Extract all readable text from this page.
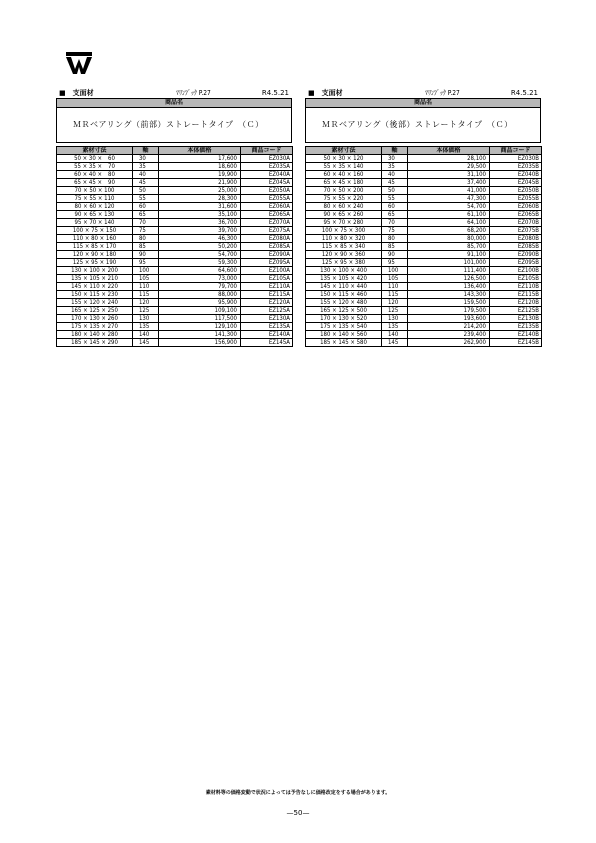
■　支面材	ﾏﾘﾝﾌﾞｯｸ P.27	R4.5.21
商品名
ＭＲベアリング（前部）ストレートタイプ　（Ｃ）
素材寸法	軸	本体価格	商品コード
50 × 30 ×　60	30	17,600	EZ030A
55 × 35 ×　70	35	18,600	EZ035A
60 × 40 ×　80	40	19,900	EZ040A
65 × 45 ×　90	45	21,900	EZ045A
70 × 50 × 100	50	25,000	EZ050A
75 × 55 × 110	55	28,300	EZ055A
80 × 60 × 120	60	31,600	EZ060A
90 × 65 × 130	65	35,100	EZ065A
95 × 70 × 140	70	36,700	EZ070A
100 × 75 × 150	75	39,700	EZ075A
110 × 80 × 160	80	46,300	EZ080A
115 × 85 × 170	85	50,200	EZ085A
120 × 90 × 180	90	54,700	EZ090A
125 × 95 × 190	95	59,300	EZ095A
130 × 100 × 200	100	64,600	EZ100A
135 × 105 × 210	105	73,000	EZ105A
145 × 110 × 220	110	79,700	EZ110A
150 × 115 × 230	115	88,000	EZ115A
155 × 120 × 240	120	95,900	EZ120A
165 × 125 × 250	125	109,100	EZ125A
170 × 130 × 260	130	117,500	EZ130A
175 × 135 × 270	135	129,100	EZ135A
180 × 140 × 280	140	141,300	EZ140A
185 × 145 × 290	145	156,900	EZ145A
■　支面材	ﾏﾘﾝﾌﾞｯｸ P.27	R4.5.21
商品名
ＭＲベアリング（後部）ストレートタイプ　（Ｃ）
素材寸法	軸	本体価格	商品コード
50 × 30 × 120	30	28,100	EZ030B
55 × 35 × 140	35	29,500	EZ035B
60 × 40 × 160	40	31,100	EZ040B
65 × 45 × 180	45	37,400	EZ045B
70 × 50 × 200	50	41,000	EZ050B
75 × 55 × 220	55	47,300	EZ055B
80 × 60 × 240	60	54,700	EZ060B
90 × 65 × 260	65	61,100	EZ065B
95 × 70 × 280	70	64,100	EZ070B
100 × 75 × 300	75	68,200	EZ075B
110 × 80 × 320	80	80,000	EZ080B
115 × 85 × 340	85	85,700	EZ085B
120 × 90 × 360	90	91,100	EZ090B
125 × 95 × 380	95	101,000	EZ095B
130 × 100 × 400	100	111,400	EZ100B
135 × 105 × 420	105	126,500	EZ105B
145 × 110 × 440	110	136,400	EZ110B
150 × 115 × 460	115	143,300	EZ115B
155 × 120 × 480	120	159,500	EZ120B
165 × 125 × 500	125	179,500	EZ125B
170 × 130 × 520	130	193,600	EZ130B
175 × 135 × 540	135	214,200	EZ135B
180 × 140 × 560	140	239,400	EZ140B
185 × 145 × 580	145	262,900	EZ145B
素材料等の価格変動で状況によっては予告なしに価格改定をする場合があります。
—50—
